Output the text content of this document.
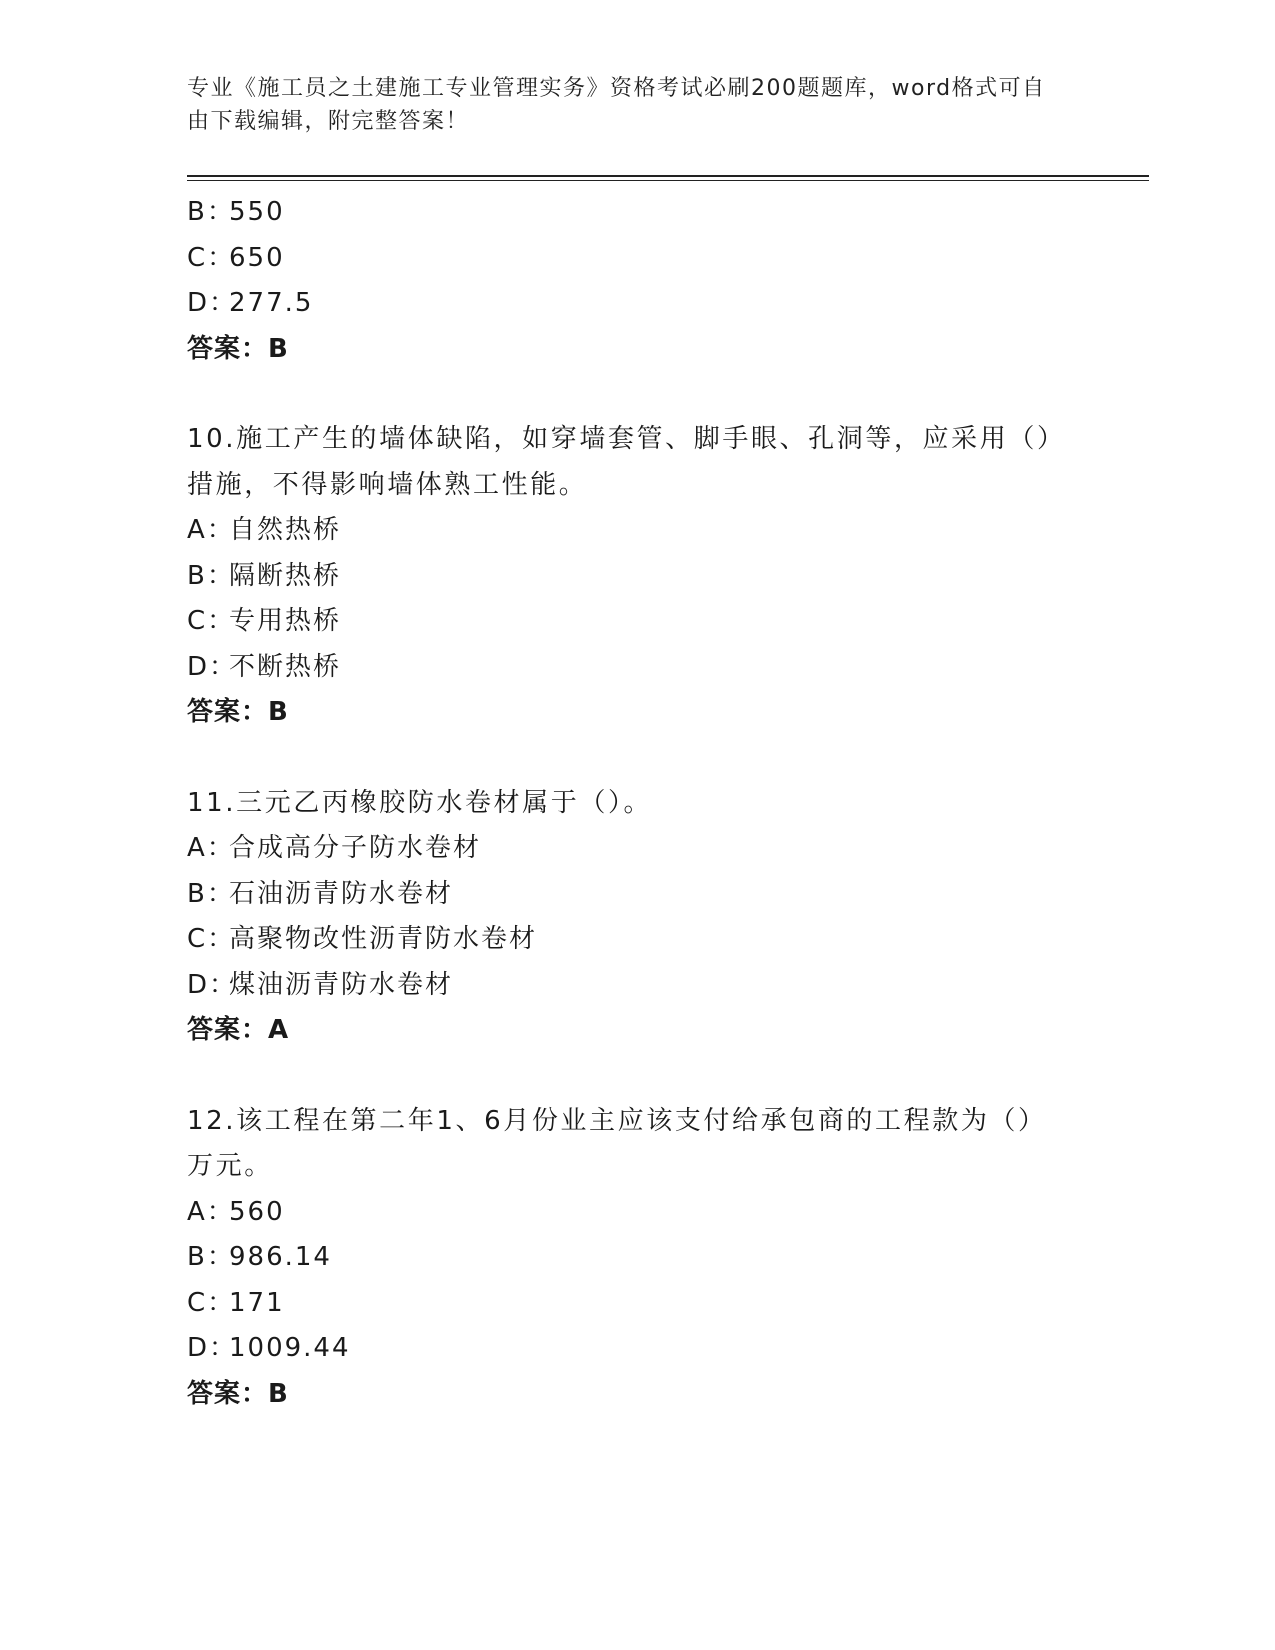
专业《施工员之土建施工专业管理实务》资格考试必刷200题题库，word格式可自由下载编辑，附完整答案！
B：550
C：650
D：277.5
答案：B
10.施工产生的墙体缺陷，如穿墙套管、脚手眼、孔洞等，应采用（）措施，不得影响墙体熟工性能。
A：自然热桥
B：隔断热桥
C：专用热桥
D：不断热桥
答案：B
11.三元乙丙橡胶防水卷材属于（）。
A：合成高分子防水卷材
B：石油沥青防水卷材
C：高聚物改性沥青防水卷材
D：煤油沥青防水卷材
答案：A
12.该工程在第二年1、6月份业主应该支付给承包商的工程款为（）万元。
A：560
B：986.14
C：171
D：1009.44
答案：B
